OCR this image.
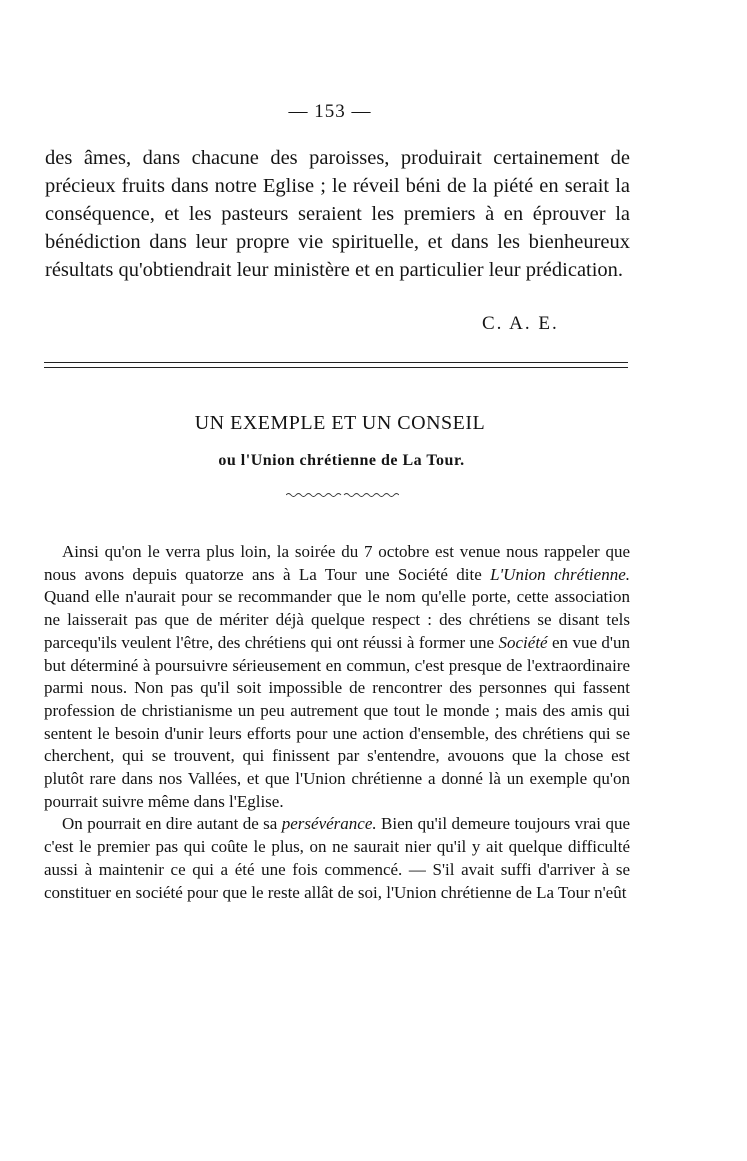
— 153 —

des âmes, dans chacune des paroisses, produirait certainement de précieux fruits dans notre Eglise ; le réveil béni de la piété en serait la conséquence, et les pasteurs seraient les premiers à en éprouver la bénédiction dans leur propre vie spirituelle, et dans les bienheureux résultats qu'obtiendrait leur ministère et en particulier leur prédication.

C. A. E.
UN EXEMPLE ET UN CONSEIL
ou l'Union chrétienne de La Tour.

Ainsi qu'on le verra plus loin, la soirée du 7 octobre est venue nous rappeler que nous avons depuis quatorze ans à La Tour une Société dite L'Union chrétienne. Quand elle n'aurait pour se recommander que le nom qu'elle porte, cette association ne laisserait pas que de mériter déjà quelque respect : des chrétiens se disant tels parcequ'ils veulent l'être, des chrétiens qui ont réussi à former une Société en vue d'un but déterminé à poursuivre sérieusement en commun, c'est presque de l'extraordinaire parmi nous. Non pas qu'il soit impossible de rencontrer des personnes qui fassent profession de christianisme un peu autrement que tout le monde ; mais des amis qui sentent le besoin d'unir leurs efforts pour une action d'ensemble, des chrétiens qui se cherchent, qui se trouvent, qui finissent par s'entendre, avouons que la chose est plutôt rare dans nos Vallées, et que l'Union chrétienne a donné là un exemple qu'on pourrait suivre même dans l'Eglise.

On pourrait en dire autant de sa persévérance. Bien qu'il demeure toujours vrai que c'est le premier pas qui coûte le plus, on ne saurait nier qu'il y ait quelque difficulté aussi à maintenir ce qui a été une fois commencé. — S'il avait suffi d'arriver à se constituer en société pour que le reste allât de soi, l'Union chrétienne de La Tour n'eût
